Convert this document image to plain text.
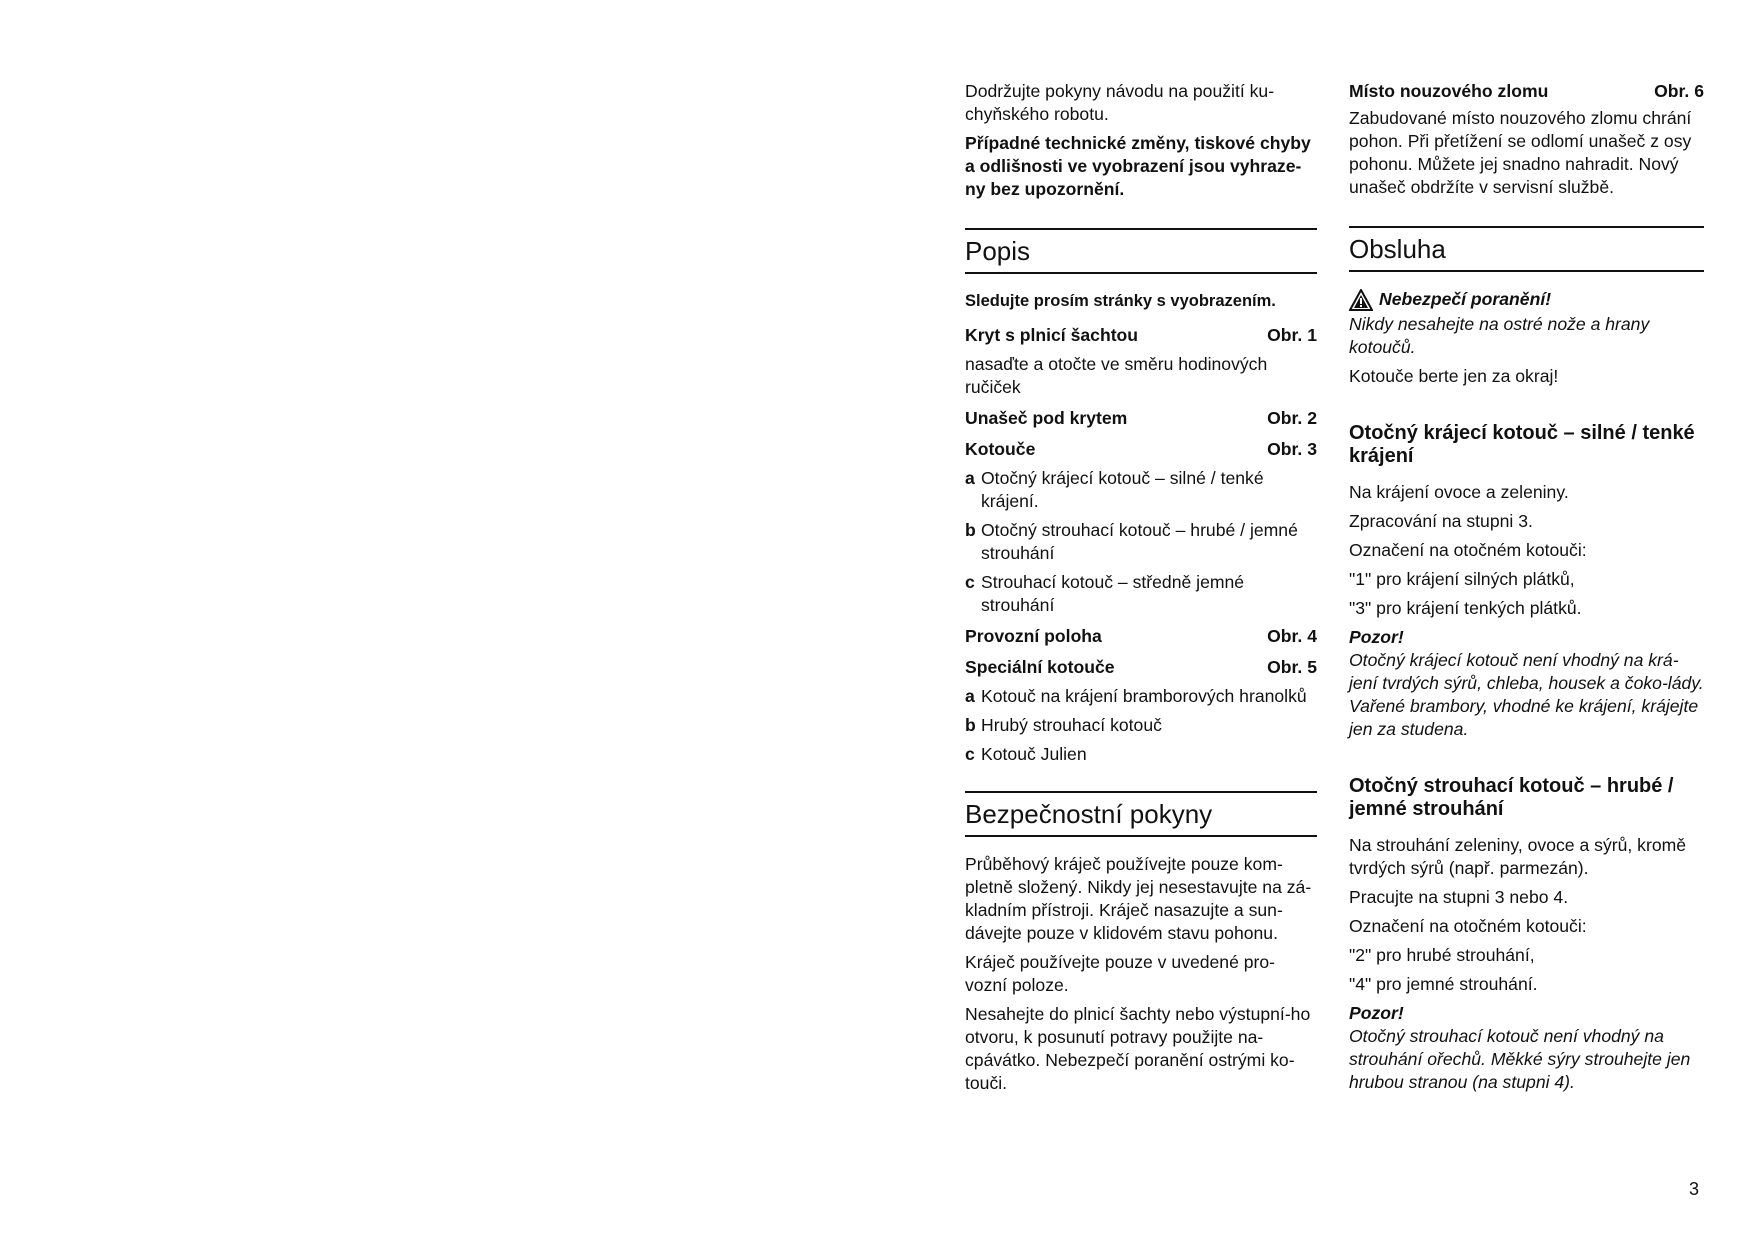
Dodržujte pokyny návodu na použití ku-chyňského robotu.

Případné technické změny, tiskové chyby a odlišnosti ve vyobrazení jsou vyhraze-ny bez upozornění.

Popis

Sledujte prosím stránky s vyobrazením.

Kryt s plnicí šachtou	Obr. 1

nasaďte a otočte ve směru hodinových ručiček

Unašeč pod krytem	Obr. 2

Kotouče	Obr. 3

a Otočný krájecí kotouč – silné / tenké krájení.

b Otočný strouhací kotouč – hrubé / jemné strouhání

c Strouhací kotouč – středně jemné strouhání

Provozní poloha	Obr. 4

Speciální kotouče	Obr. 5

a Kotouč na krájení bramborových hranolků

b Hrubý strouhací kotouč

c Kotouč Julien

Bezpečnostní pokyny

Průběhový kráječ používejte pouze kom-pletně složený. Nikdy jej nesestavujte na zá-kladním přístroji. Kráječ nasazujte a sun-dávejte pouze v klidovém stavu pohonu.

Kráječ používejte pouze v uvedené pro-vozní poloze.

Nesahejte do plnicí šachty nebo výstupní-ho otvoru, k posunutí potravy použijte na-cpávátko. Nebezpečí poranění ostrými ko-touči.

Místo nouzového zlomu	Obr. 6

Zabudované místo nouzového zlomu chrání pohon. Při přetížení se odlomí unašeč z osy pohonu. Můžete jej snadno nahradit. Nový unašeč obdržíte v servisní službě.

Obsluha

Nebezpečí poranění!

Nikdy nesahejte na ostré nože a hrany kotoučů.

Kotouče berte jen za okraj!

Otočný krájecí kotouč – silné / tenké krájení

Na krájení ovoce a zeleniny.

Zpracování na stupni 3.

Označení na otočném kotouči:

"1" pro krájení silných plátků,

"3" pro krájení tenkých plátků.

Pozor!

Otočný krájecí kotouč není vhodný na krá-jení tvrdých sýrů, chleba, housek a čoko-lády. Vařené brambory, vhodné ke krájení, krájejte jen za studena.

Otočný strouhací kotouč – hrubé / jemné strouhání

Na strouhání zeleniny, ovoce a sýrů, kromě tvrdých sýrů (např. parmezán).

Pracujte na stupni 3 nebo 4.

Označení na otočném kotouči:

"2" pro hrubé strouhání,

"4" pro jemné strouhání.

Pozor!

Otočný strouhací kotouč není vhodný na strouhání ořechů. Měkké sýry strouhejte jen hrubou stranou (na stupni 4).

3
